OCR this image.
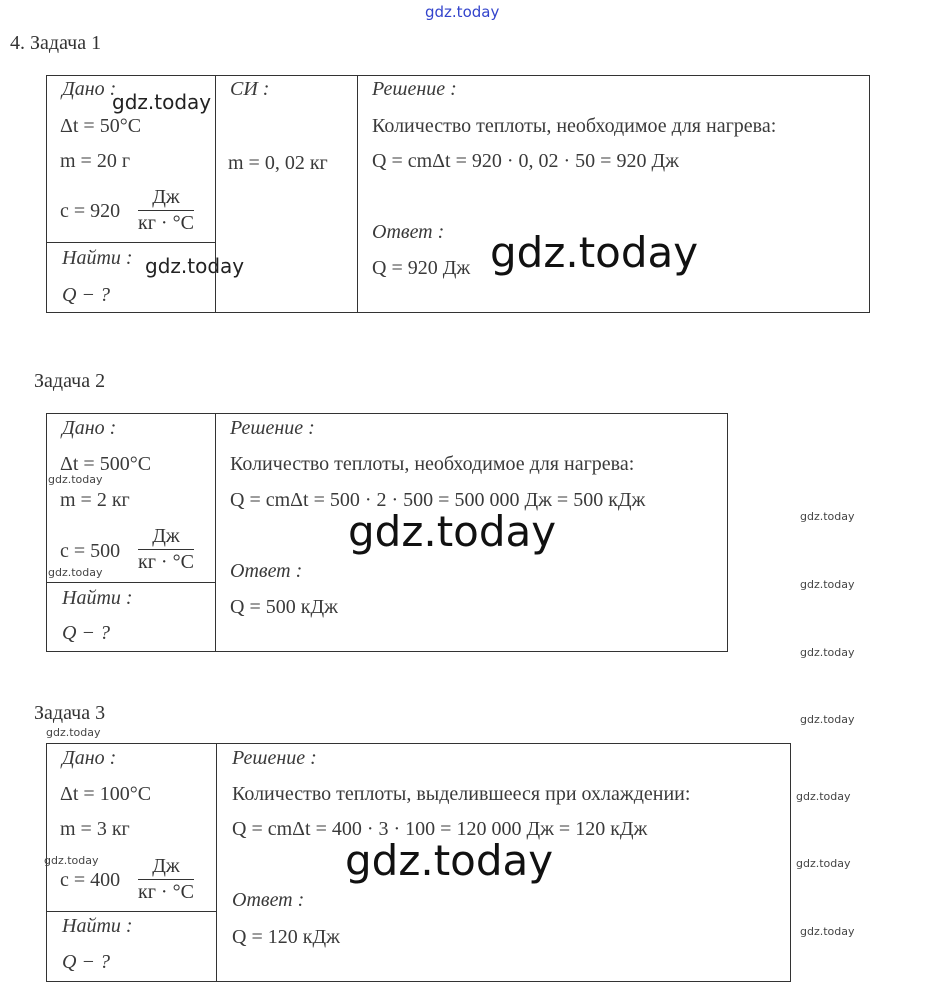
gdz.today
4. Задача 1
Дано :
Δt = 50°C
m = 20 г
c = 920
Дж
кг · °C
Найти :
Q − ?
СИ :
m = 0, 02 кг
Решение :
Количество теплоты, необходимое для нагрева:
Q = cmΔt = 920 · 0, 02 · 50 = 920 Дж
Ответ :
Q = 920 Дж
gdz.today
gdz.today	gdz.today
Задача 2
Дано :
Δt = 500°C
m = 2 кг
c = 500
Дж
кг · °C
Найти :
Q − ?
Решение :
Количество теплоты, необходимое для нагрева:
Q = cmΔt = 500 · 2 · 500 = 500 000 Дж = 500 кДж
Ответ :
Q = 500 кДж
gdz.today
gdz.today
gdz.today	gdz.today
gdz.today
gdz.today
Задача 3
gdz.today
Дано :
Δt = 100°C
m = 3 кг
c = 400
Дж
кг · °C
Найти :
Q − ?
Решение :
Количество теплоты, выделившееся при охлаждении:
Q = cmΔt = 400 · 3 · 100 = 120 000 Дж = 120 кДж
Ответ :
Q = 120 кДж
gdz.today	gdz.today
gdz.today
gdz.today
gdz.today
gdz.today
